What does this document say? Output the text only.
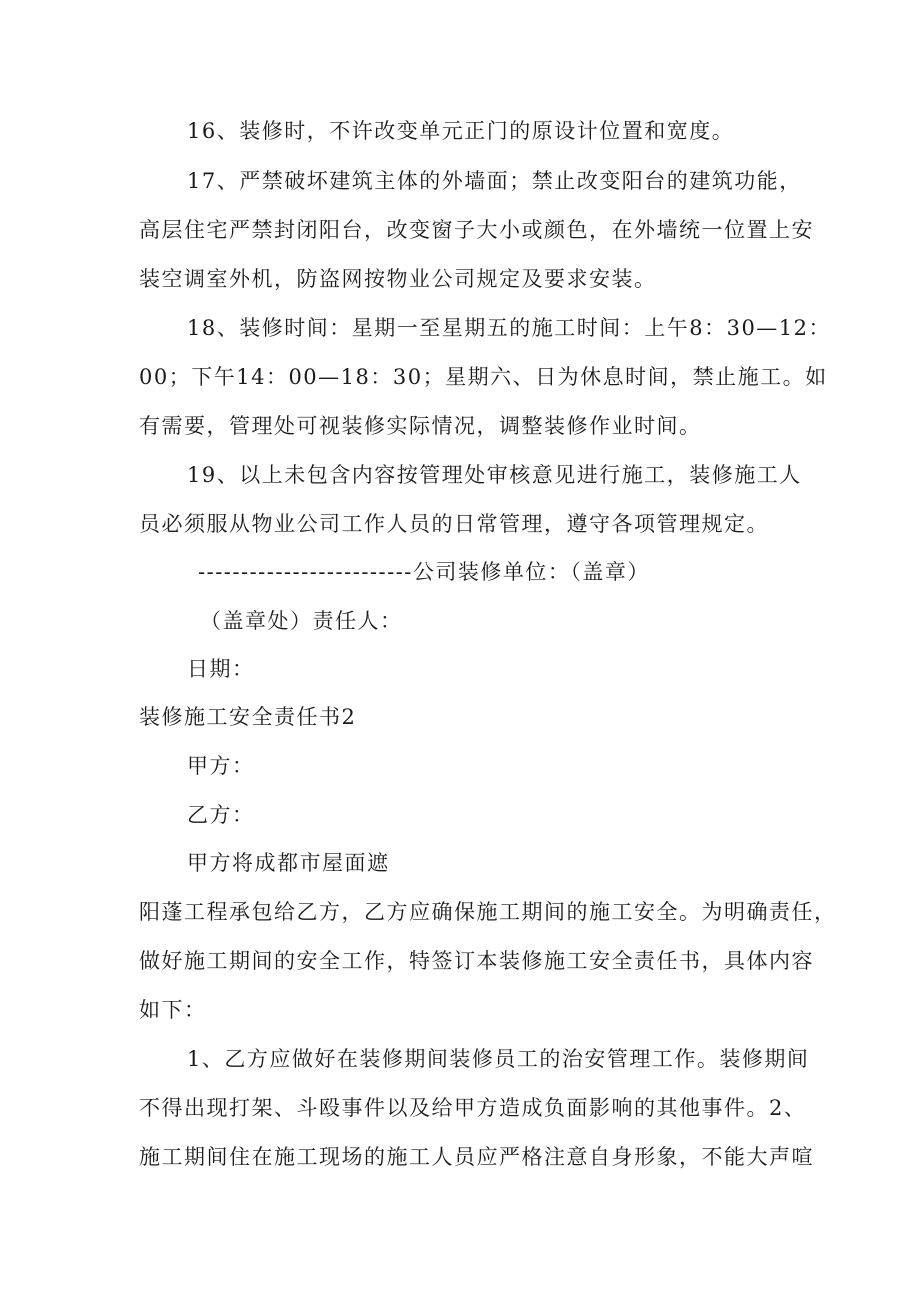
16、装修时，不许改变单元正门的原设计位置和宽度。
17、严禁破坏建筑主体的外墙面；禁止改变阳台的建筑功能，
高层住宅严禁封闭阳台，改变窗子大小或颜色，在外墙统一位置上安
装空调室外机，防盗网按物业公司规定及要求安装。
18、装修时间：星期一至星期五的施工时间：上午8：30—12：
00；下午14：00—18：30；星期六、日为休息时间，禁止施工。如
有需要，管理处可视装修实际情况，调整装修作业时间。
19、以上未包含内容按管理处审核意见进行施工，装修施工人
员必须服从物业公司工作人员的日常管理，遵守各项管理规定。
-------------------------公司装修单位：（盖章）
（盖章处）责任人：
日期：
装修施工安全责任书2
甲方：
乙方：
甲方将成都市屋面遮
阳蓬工程承包给乙方，乙方应确保施工期间的施工安全。为明确责任，
做好施工期间的安全工作，特签订本装修施工安全责任书，具体内容
如下：
1、乙方应做好在装修期间装修员工的治安管理工作。装修期间
不得出现打架、斗殴事件以及给甲方造成负面影响的其他事件。2、
施工期间住在施工现场的施工人员应严格注意自身形象，不能大声喧
